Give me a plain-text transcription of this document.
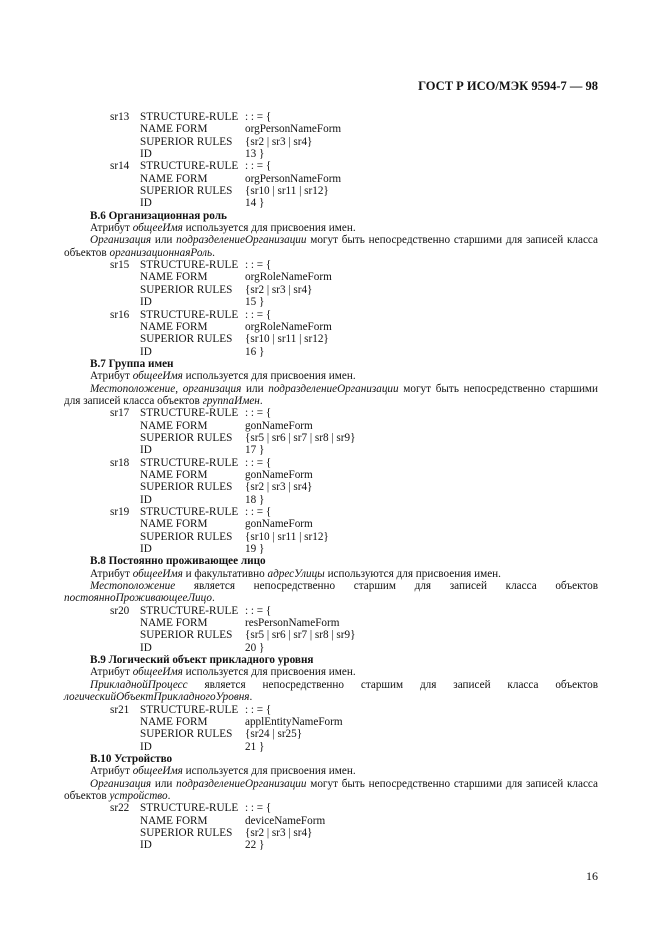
ГОСТ Р ИСО/МЭК 9594-7 — 98
sr13 STRUCTURE-RULE : : = {
NAME FORM	orgPersonNameForm
SUPERIOR RULES {sr2 | sr3 | sr4}
ID	13 }
sr14 STRUCTURE-RULE : : = {
NAME FORM	orgPersonNameForm
SUPERIOR RULES {sr10 | sr11 | sr12}
ID	14 }
В.6 Организационная роль
Атрибут общееИмя используется для присвоения имен.
Организация или подразделениеОрганизации могут быть непосредственно старшими для записей класса объектов организационнаяРоль.
sr15 STRUCTURE-RULE : : = {
NAME FORM	orgRoleNameForm
SUPERIOR RULES {sr2 | sr3 | sr4}
ID	15 }
sr16 STRUCTURE-RULE : : = {
NAME FORM	orgRoleNameForm
SUPERIOR RULES {sr10 | sr11 | sr12}
ID	16 }
В.7 Группа имен
Атрибут общееИмя используется для присвоения имен.
Местоположение, организация или подразделениеОрганизации могут быть непосредственно старшими для записей класса объектов группаИмен.
sr17 STRUCTURE-RULE : : = {
NAME FORM	gonNameForm
SUPERIOR RULES {sr5 | sr6 | sr7 | sr8 | sr9}
ID	17 }
sr18 STRUCTURE-RULE : : = {
NAME FORM	gonNameForm
SUPERIOR RULES {sr2 | sr3 | sr4}
ID	18 }
sr19 STRUCTURE-RULE : : = {
NAME FORM	gonNameForm
SUPERIOR RULES {sr10 | sr11 | sr12}
ID	19 }
В.8 Постоянно проживающее лицо
Атрибут общееИмя и факультативно адресУлицы используются для присвоения имен.
Местоположение является непосредственно старшим для записей класса объектов постоянноПроживающееЛицо.
sr20 STRUCTURE-RULE : : = {
NAME FORM	resPersonNameForm
SUPERIOR RULES {sr5 | sr6 | sr7 | sr8 | sr9}
ID	20 }
В.9 Логический объект прикладного уровня
Атрибут общееИмя используется для присвоения имен.
ПрикладнойПроцесс является непосредственно старшим для записей класса объектов логическийОбъектПрикладногоУровня.
sr21 STRUCTURE-RULE : : = {
NAME FORM	applEntityNameForm
SUPERIOR RULES {sr24 | sr25}
ID	21 }
В.10 Устройство
Атрибут общееИмя используется для присвоения имен.
Организация или подразделениеОрганизации могут быть непосредственно старшими для записей класса объектов устройство.
sr22 STRUCTURE-RULE : : = {
NAME FORM	deviceNameForm
SUPERIOR RULES {sr2 | sr3 | sr4}
ID	22 }
16
